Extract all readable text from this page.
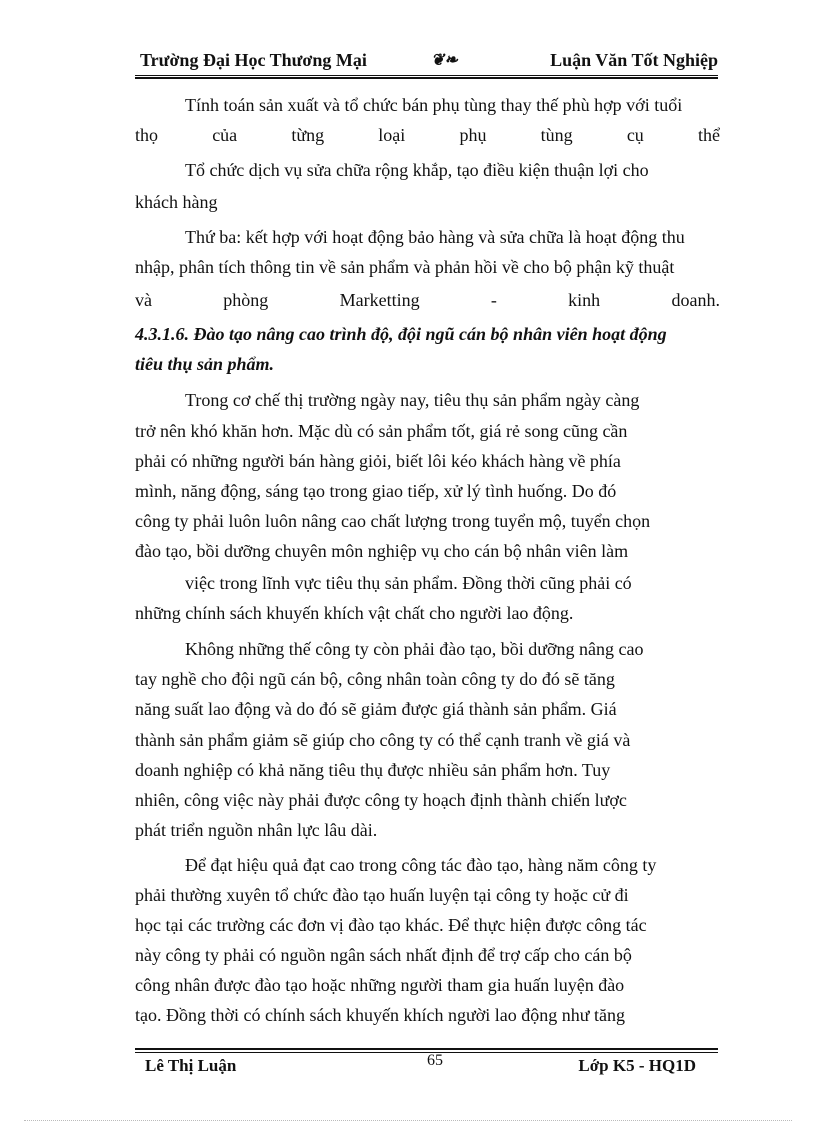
Trường Đại Học Thương Mại	❦❧	Luận Văn Tốt Nghiệp
Tính toán sản xuất và tổ chức bán phụ tùng thay thế phù hợp với tuổi
thọ	của	từng	loại	phụ	tùng	cụ	thể
Tổ chức dịch vụ sửa chữa rộng khắp, tạo điều kiện thuận lợi cho
khách hàng
Thứ ba: kết hợp với hoạt động bảo hàng và sửa chữa là hoạt động thu
nhập, phân tích thông tin về sản phẩm và phản hồi về cho bộ phận kỹ thuật
và	phòng	Marketting	-	kinh	doanh.
4.3.1.6. Đào tạo nâng cao trình độ, đội ngũ cán bộ nhân viên hoạt động
tiêu thụ sản phẩm.
Trong cơ chế thị trường ngày nay, tiêu thụ sản phẩm ngày càng
trở nên khó khăn hơn. Mặc dù có sản phẩm tốt, giá rẻ song cũng cần
phải có những người bán hàng giỏi, biết lôi kéo khách hàng về phía
mình, năng động, sáng tạo trong giao tiếp, xử lý tình huống. Do đó
công ty phải luôn luôn nâng cao chất lượng trong tuyển mộ, tuyển chọn
đào tạo, bồi dưỡng chuyên môn nghiệp vụ cho cán bộ nhân viên làm
việc trong lĩnh vực tiêu thụ sản phẩm. Đồng thời cũng phải có
những chính sách khuyến khích vật chất cho người lao động.
Không những thế công ty còn phải đào tạo, bồi dưỡng nâng cao
tay nghề cho đội ngũ cán bộ, công nhân toàn công ty do đó sẽ tăng
năng suất lao động và do đó sẽ giảm được giá thành sản phẩm. Giá
thành sản phẩm giảm sẽ giúp cho công ty có thể cạnh tranh về giá và
doanh nghiệp có khả năng tiêu thụ được nhiều sản phẩm hơn. Tuy
nhiên, công việc này phải được công ty hoạch định thành chiến lược
phát triển nguồn nhân lực lâu dài.
Để đạt hiệu quả đạt cao trong công tác đào tạo, hàng năm công ty
phải thường xuyên tổ chức đào tạo huấn luyện tại công ty hoặc cử đi
học tại các trường các đơn vị đào tạo khác. Để thực hiện được công tác
này công ty phải có nguồn ngân sách nhất định để trợ cấp cho cán bộ
công nhân được đào tạo hoặc những người tham gia huấn luyện đào
tạo. Đồng thời có chính sách khuyến khích người lao động như tăng
Lê Thị Luận	65	Lớp K5 - HQ1D
